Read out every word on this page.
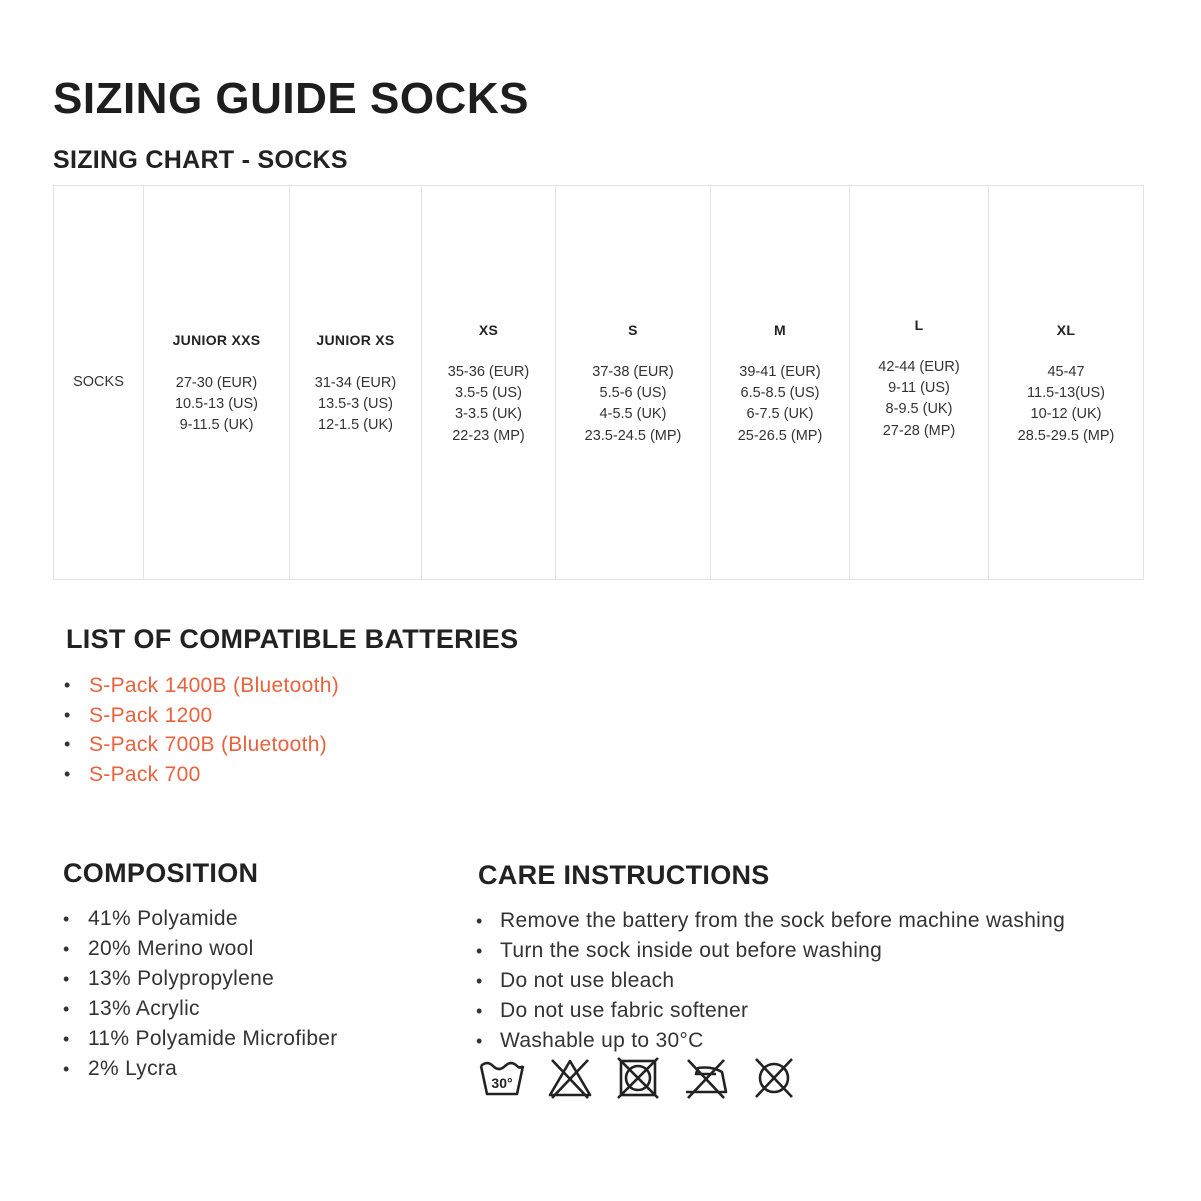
SIZING GUIDE SOCKS
SIZING CHART - SOCKS
SOCKS
JUNIOR XXS
27-30 (EUR)
10.5-13 (US)
9-11.5 (UK)
JUNIOR XS
31-34 (EUR)
13.5-3 (US)
12-1.5 (UK)
XS
35-36 (EUR)
3.5-5 (US)
3-3.5 (UK)
22-23 (MP)
S
37-38 (EUR)
5.5-6 (US)
4-5.5 (UK)
23.5-24.5 (MP)
M
39-41 (EUR)
6.5-8.5 (US)
6-7.5 (UK)
25-26.5 (MP)
L
42-44 (EUR)
9-11 (US)
8-9.5 (UK)
27-28 (MP)
XL
45-47
11.5-13(US)
10-12 (UK)
28.5-29.5 (MP)
LIST OF COMPATIBLE BATTERIES
• S-Pack 1400B (Bluetooth)
• S-Pack 1200
• S-Pack 700B (Bluetooth)
• S-Pack 700
COMPOSITION
• 41% Polyamide
• 20% Merino wool
• 13% Polypropylene
• 13% Acrylic
• 11% Polyamide Microfiber
• 2% Lycra
CARE INSTRUCTIONS
• Remove the battery from the sock before machine washing
• Turn the sock inside out before washing
• Do not use bleach
• Do not use fabric softener
• Washable up to 30°C
30°
